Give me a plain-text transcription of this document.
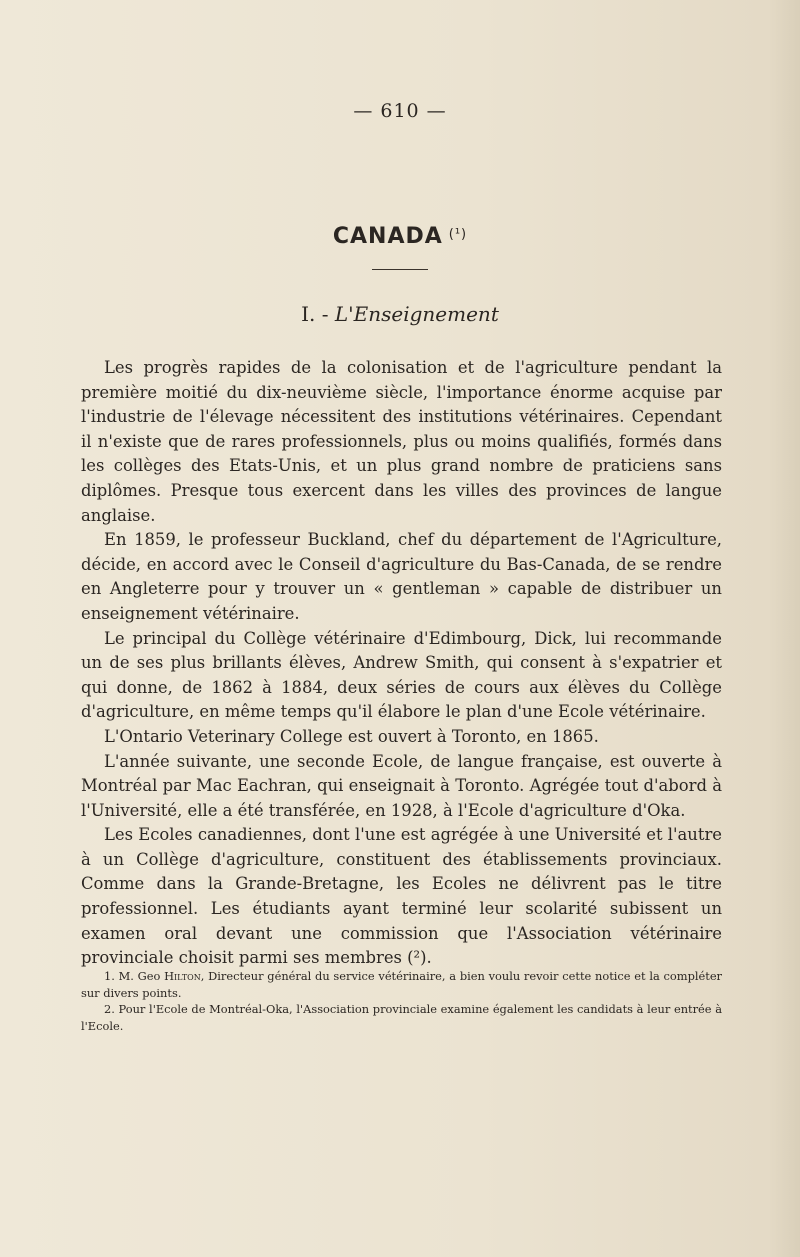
— 610 —
CANADA $^{(^1)}$
I. - L'Enseignement

Les progrès rapides de la colonisation et de l'agriculture pendant la première moitié du dix-neuvième siècle, l'importance énorme acquise par l'industrie de l'élevage nécessitent des institutions vétérinaires. Cependant il n'existe que de rares professionnels, plus ou moins qualifiés, formés dans les collèges des Etats-Unis, et un plus grand nombre de praticiens sans diplômes. Presque tous exercent dans les villes des provinces de langue anglaise.

En 1859, le professeur Buckland, chef du département de l'Agriculture, décide, en accord avec le Conseil d'agriculture du Bas-Canada, de se rendre en Angleterre pour y trouver un « gentleman » capable de distribuer un enseignement vétérinaire.

Le principal du Collège vétérinaire d'Edimbourg, Dick, lui recommande un de ses plus brillants élèves, Andrew Smith, qui consent à s'expatrier et qui donne, de 1862 à 1884, deux séries de cours aux élèves du Collège d'agriculture, en même temps qu'il élabore le plan d'une Ecole vétérinaire.

L'Ontario Veterinary College est ouvert à Toronto, en 1865.

L'année suivante, une seconde Ecole, de langue française, est ouverte à Montréal par Mac Eachran, qui enseignait à Toronto. Agrégée tout d'abord à l'Université, elle a été transférée, en 1928, à l'Ecole d'agriculture d'Oka.

Les Ecoles canadiennes, dont l'une est agrégée à une Université et l'autre à un Collège d'agriculture, constituent des établissements provinciaux. Comme dans la Grande-Bretagne, les Ecoles ne délivrent pas le titre professionnel. Les étudiants ayant terminé leur scolarité subissent un examen oral devant une commission que l'Association vétérinaire provinciale choisit parmi ses membres (²).

1. M. Geo Hilton, Directeur général du service vétérinaire, a bien voulu revoir cette notice et la compléter sur divers points.

2. Pour l'Ecole de Montréal-Oka, l'Association provinciale examine également les candidats à leur entrée à l'Ecole.
